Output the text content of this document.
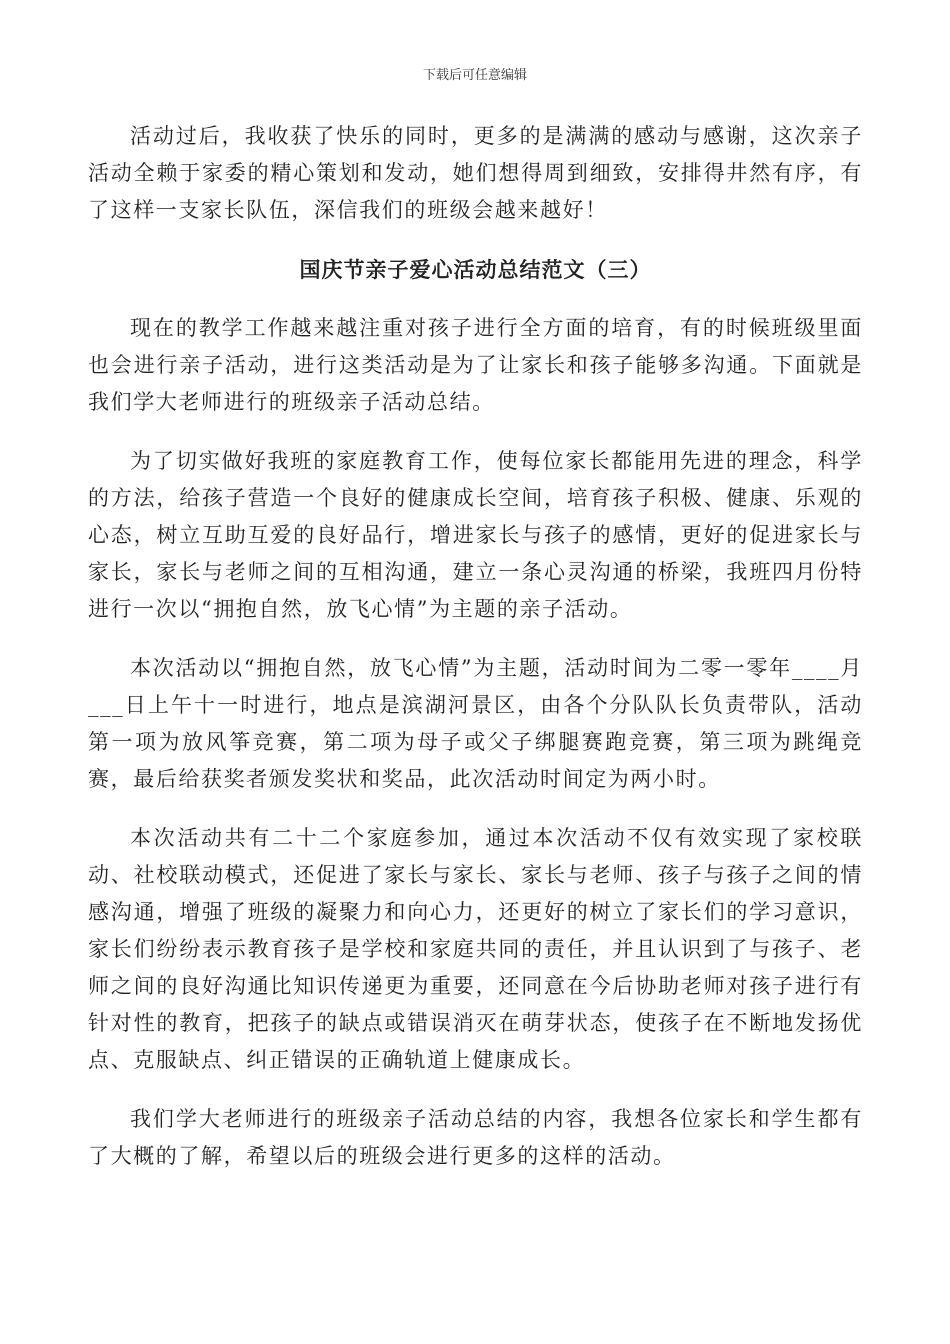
下载后可任意编辑

活动过后，我收获了快乐的同时，更多的是满满的感动与感谢，这次亲子活动全赖于家委的精心策划和发动，她们想得周到细致，安排得井然有序，有了这样一支家长队伍，深信我们的班级会越来越好！

国庆节亲子爱心活动总结范文（三）

现在的教学工作越来越注重对孩子进行全方面的培育，有的时候班级里面也会进行亲子活动，进行这类活动是为了让家长和孩子能够多沟通。下面就是我们学大老师进行的班级亲子活动总结。

为了切实做好我班的家庭教育工作，使每位家长都能用先进的理念，科学的方法，给孩子营造一个良好的健康成长空间，培育孩子积极、健康、乐观的心态，树立互助互爱的良好品行，增进家长与孩子的感情，更好的促进家长与家长，家长与老师之间的互相沟通，建立一条心灵沟通的桥梁，我班四月份特进行一次以“拥抱自然，放飞心情”为主题的亲子活动。

本次活动以“拥抱自然，放飞心情”为主题，活动时间为二零一零年____月___日上午十一时进行，地点是滨湖河景区，由各个分队队长负责带队，活动第一项为放风筝竞赛，第二项为母子或父子绑腿赛跑竞赛，第三项为跳绳竞赛，最后给获奖者颁发奖状和奖品，此次活动时间定为两小时。

本次活动共有二十二个家庭参加，通过本次活动不仅有效实现了家校联动、社校联动模式，还促进了家长与家长、家长与老师、孩子与孩子之间的情感沟通，增强了班级的凝聚力和向心力，还更好的树立了家长们的学习意识，家长们纷纷表示教育孩子是学校和家庭共同的责任，并且认识到了与孩子、老师之间的良好沟通比知识传递更为重要，还同意在今后协助老师对孩子进行有针对性的教育，把孩子的缺点或错误消灭在萌芽状态，使孩子在不断地发扬优点、克服缺点、纠正错误的正确轨道上健康成长。

我们学大老师进行的班级亲子活动总结的内容，我想各位家长和学生都有了大概的了解，希望以后的班级会进行更多的这样的活动。
